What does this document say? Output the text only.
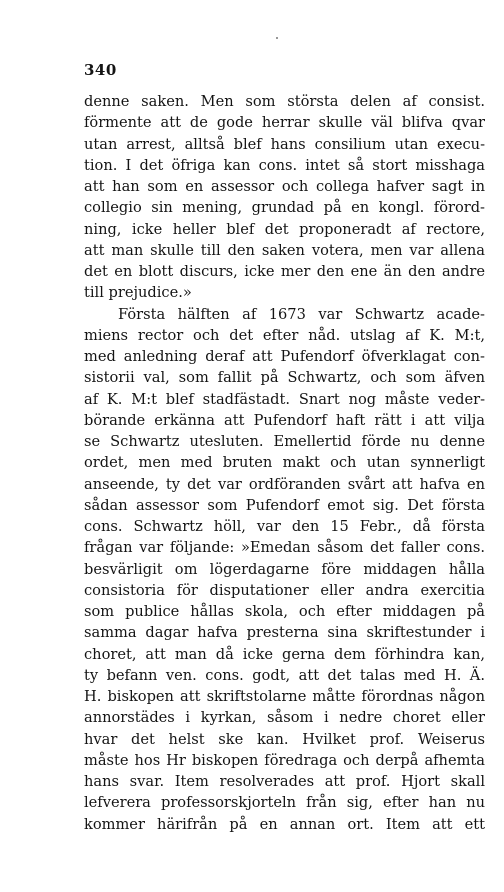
340
denne saken. Men som största delen af consist.
förmente att de gode herrar skulle väl blifva qvar
utan arrest, alltså blef hans consilium utan execu-
tion. I det öfriga kan cons. intet så stort misshaga
att han som en assessor och collega hafver sagt in
collegio sin mening, grundad på en kongl. förord-
ning, icke heller blef det proponeradt af rectore,
att man skulle till den saken votera, men var allena
det en blott discurs, icke mer den ene än den andre
till prejudice.»
Första hälften af 1673 var Schwartz acade-
miens rector och det efter nåd. utslag af K. M:t,
med anledning deraf att Pufendorf öfverklagat con-
sistorii val, som fallit på Schwartz, och som äfven
af K. M:t blef stadfästadt. Snart nog måste veder-
börande erkänna att Pufendorf haft rätt i att vilja
se Schwartz utesluten. Emellertid förde nu denne
ordet, men med bruten makt och utan synnerligt
anseende, ty det var ordföranden svårt att hafva en
sådan assessor som Pufendorf emot sig. Det första
cons. Schwartz höll, var den 15 Febr., då första
frågan var följande: »Emedan såsom det faller cons.
besvärligit om lögerdagarne före middagen hålla
consistoria för disputationer eller andra exercitia
som publice hållas skola, och efter middagen på
samma dagar hafva presterna sina skriftestunder i
choret, att man då icke gerna dem förhindra kan,
ty befann ven. cons. godt, att det talas med H. Ä.
H. biskopen att skriftstolarne måtte förordnas någon
annorstädes i kyrkan, såsom i nedre choret eller
hvar det helst ske kan. Hvilket prof. Weiserus
måste hos Hr biskopen föredraga och derpå afhemta
hans svar. Item resolverades att prof. Hjort skall
lefverera professorskjorteln från sig, efter han nu
kommer härifrån på en annan ort. Item att ett
